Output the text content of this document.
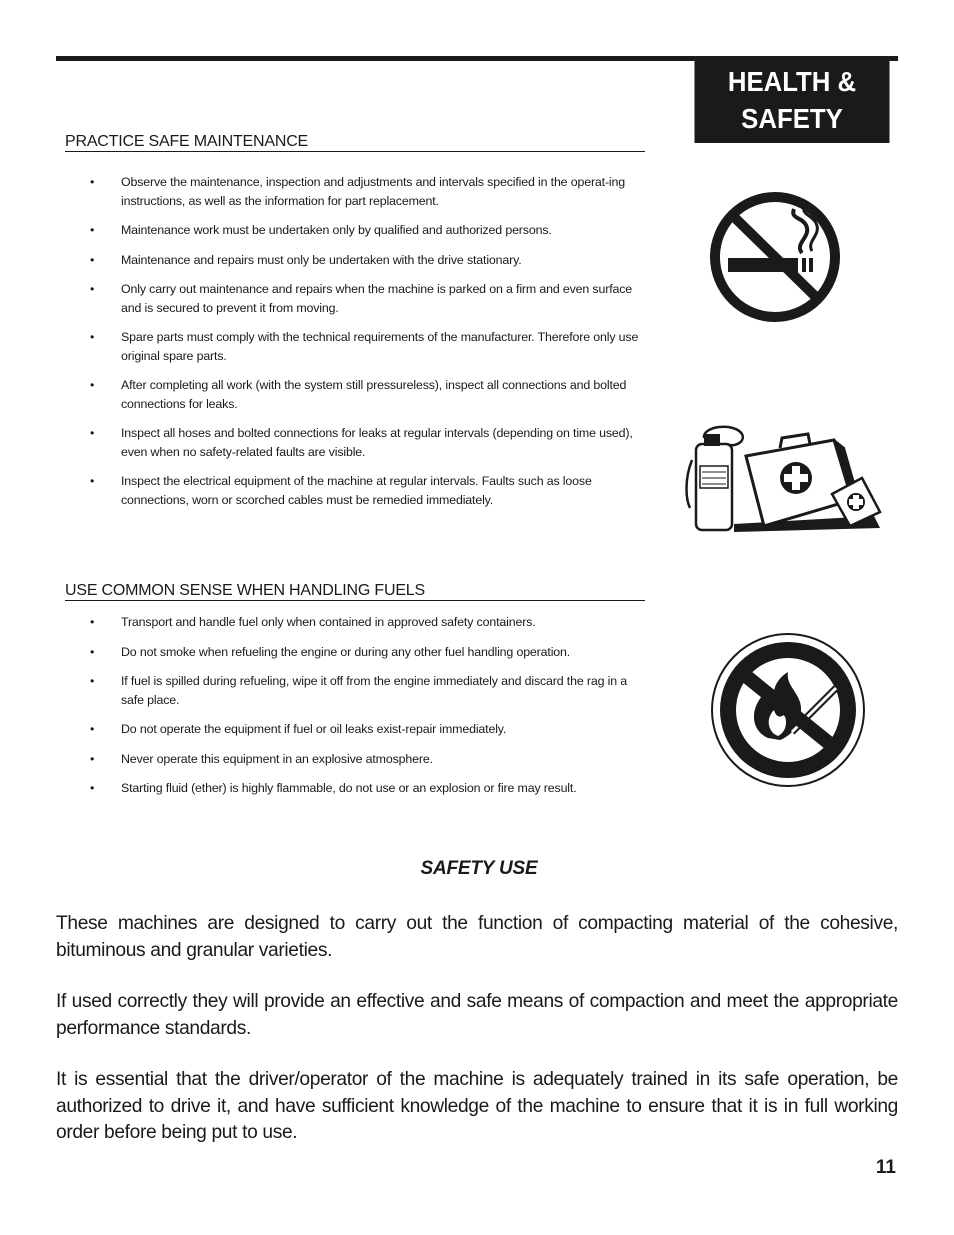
HEALTH &
SAFETY
PRACTICE SAFE MAINTENANCE
• Observe the maintenance, inspection and adjustments and intervals specified in the operat-ing instructions, as well as the information for part replacement.
• Maintenance work must be undertaken only by qualified and authorized persons.
• Maintenance and repairs must only be undertaken with the drive stationary.
• Only carry out maintenance and repairs when the machine is parked on a firm and even surface and is secured to prevent it from moving.
• Spare parts must comply with the technical requirements of the manufacturer. Therefore only use original spare parts.
• After completing all work (with the system still pressureless), inspect all connections and bolted connections for leaks.
• Inspect all hoses and bolted connections for leaks at regular intervals (depending on time used), even when no safety-related faults are visible.
• Inspect the electrical equipment of the machine at regular intervals. Faults such as loose connections, worn or scorched cables must be remedied immediately.
USE COMMON SENSE WHEN HANDLING FUELS
• Transport and handle fuel only when contained in approved safety containers.
• Do not smoke when refueling the engine or during any other fuel handling operation.
• If fuel is spilled during refueling, wipe it off from the engine immediately and discard the rag in a safe place.
• Do not operate the equipment if fuel or oil leaks exist-repair immediately.
• Never operate this equipment in an explosive atmosphere.
• Starting fluid (ether) is highly flammable, do not use or an explosion or fire may result.
SAFETY USE

These machines are designed to carry out the function of compacting material of the cohesive, bituminous and granular varieties.

If used correctly they will provide an effective and safe means of compaction and meet the appropriate performance standards.

It is essential that the driver/operator of the machine is adequately trained in its safe operation, be authorized to drive it, and have sufficient knowledge of the machine to ensure that it is in full working order before being put to use.

11
